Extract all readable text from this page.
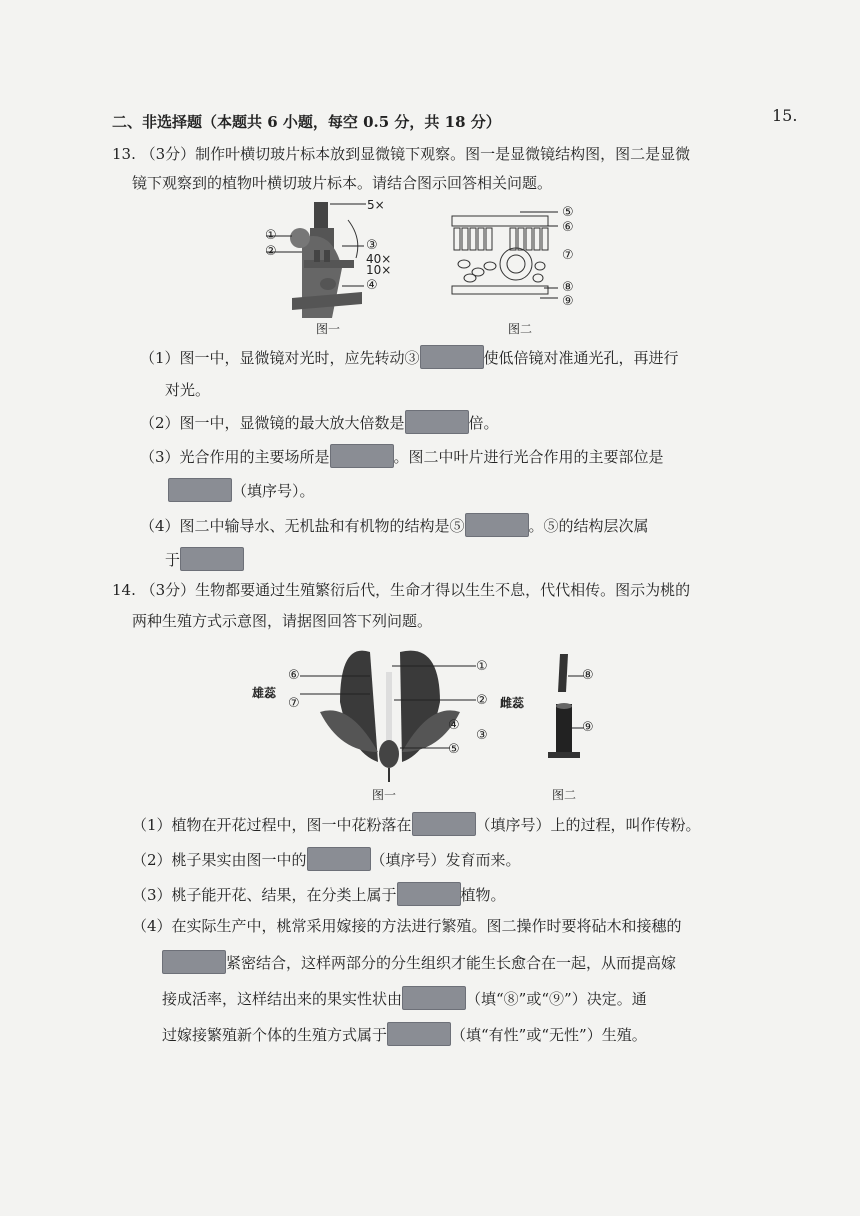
15.
二、非选择题（本题共 6 小题，每空 0.5 分，共 18 分）
13. （3分）制作叶横切玻片标本放到显微镜下观察。图一是显微镜结构图，图二是显微
镜下观察到的植物叶横切玻片标本。请结合图示回答相关问题。
5×
①
②	③
40×
10×
④
图一
⑤
⑥
⑦
⑧
⑨
图二
（1）图一中，显微镜对光时，应先转动③	使低倍镜对准通光孔，再进行
对光。
（2）图一中，显微镜的最大放大倍数是	倍。
（3）光合作用的主要场所是	。图二中叶片进行光合作用的主要部位是
（填序号）。
（4）图二中输导水、无机盐和有机物的结构是⑤	。⑤的结构层次属
于
14. （3分）生物都要通过生殖繁衍后代，生命才得以生生不息，代代相传。图示为桃的
两种生殖方式示意图，请据图回答下列问题。
雄蕊
⑥
⑦
①
②
③
④
⑤
雌蕊
图一
⑧
⑨
图二
（1）植物在开花过程中，图一中花粉落在	（填序号）上的过程，叫作传粉。
（2）桃子果实由图一中的	（填序号）发育而来。
（3）桃子能开花、结果，在分类上属于	植物。
（4）在实际生产中，桃常采用嫁接的方法进行繁殖。图二操作时要将砧木和接穗的
紧密结合，这样两部分的分生组织才能生长愈合在一起，从而提高嫁
接成活率，这样结出来的果实性状由	（填“⑧”或“⑨”）决定。通
过嫁接繁殖新个体的生殖方式属于	（填“有性”或“无性”）生殖。
